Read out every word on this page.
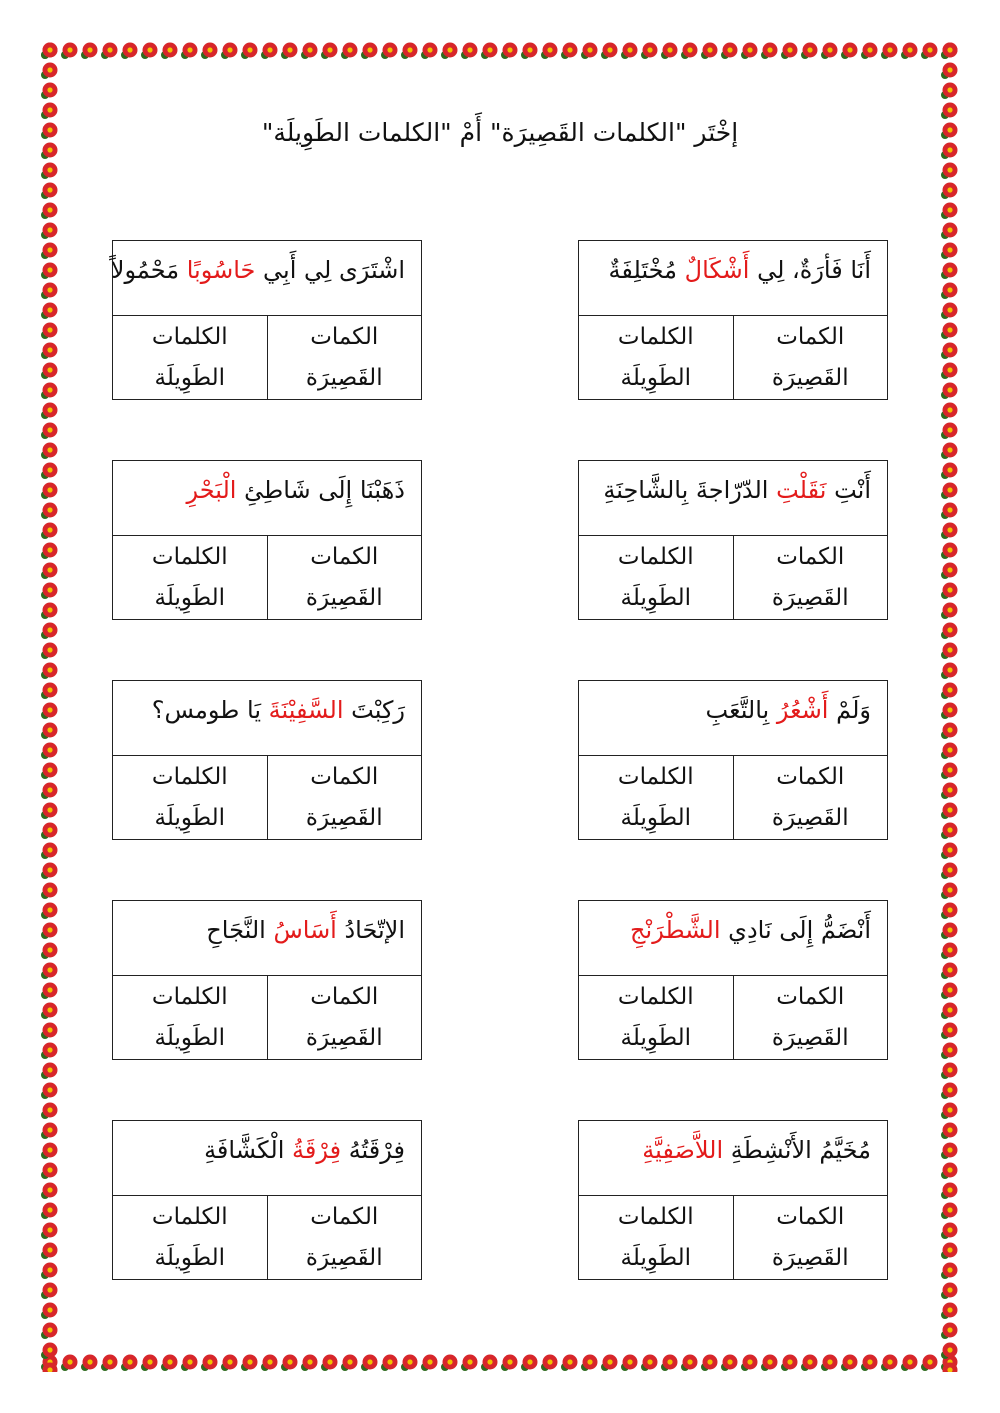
إخْتَر "الكلمات القَصِيرَة" أَمْ "الكلمات الطَوِيلَة"
أَنَا فَأرَةٌ، لِي أَشْكَالٌ مُخْتَلِفَةٌ
الكمات
القَصِيرَة
الكلمات
الطَوِيلَة
اشْتَرَى لِي أَبِي حَاسُوبًا مَحْمُولاً
الكمات
القَصِيرَة
الكلمات
الطَوِيلَة
أَنْتِ نَقَلْتِ الدّرّاجةَ بِالشَّاحِنَةِ
الكمات
القَصِيرَة
الكلمات
الطَوِيلَة
ذَهَبْنَا إِلَى شَاطِئِ الْبَحْرِ
الكمات
القَصِيرَة
الكلمات
الطَوِيلَة
وَلَمْ أَشْعُرُ بِالتَّعَبِ
الكمات
القَصِيرَة
الكلمات
الطَوِيلَة
رَكِبْتَ السَّفِيْنَةَ يَا طومس؟
الكمات
القَصِيرَة
الكلمات
الطَوِيلَة
أَنْضَمُّ إِلَى نَادِي الشَّطْرَنْجِ
الكمات
القَصِيرَة
الكلمات
الطَوِيلَة
الإتّحَادُ أَسَاسُ النَّجَاحِ
الكمات
القَصِيرَة
الكلمات
الطَوِيلَة
مُخَيَّمُ الأَنْشِطَةِ اللاَّصَفِيَّةِ
الكمات
القَصِيرَة
الكلمات
الطَوِيلَة
فِرْقَتُهُ فِرْقَةُ الْكَشَّافَةِ
الكمات
القَصِيرَة
الكلمات
الطَوِيلَة
